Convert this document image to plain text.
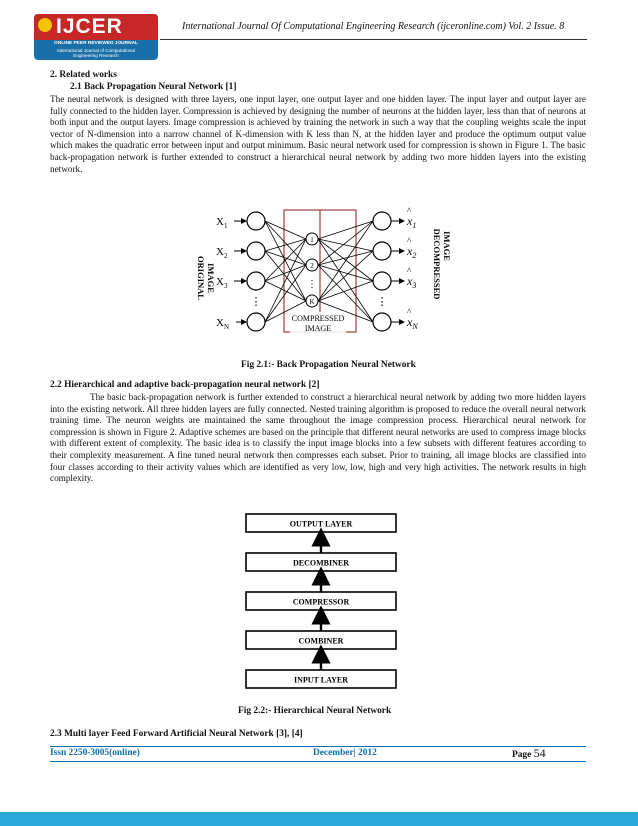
IJCER
ONLINE PEER REVIEWED JOURNAL
International Journal of Computational
Engineering Research
International Journal Of Computational Engineering Research (ijceronline.com) Vol. 2 Issue. 8
2. Related works
2.1 Back Propagation Neural Network [1]
The neural network is designed with three layers, one input layer, one output layer and one hidden layer. The input layer and output layer are fully connected to the hidden layer. Compression is achieved by designing the number of neurons at the hidden layer, less than that of neurons at both input and the output layers. Image compression is achieved by training the network in such a way that the coupling weights scale the input vector of N-dimension into a narrow channel of K-dimension with K less than N, at the hidden layer and produce the optimum output value which makes the quadratic error between input and output minimum. Basic neural network used for compression is shown in Figure 1. The basic back-propagation network is further extended to construct a hierarchical neural network by adding two more hidden layers into the existing network.
ORIGINAL IMAGE	DECOMPRESSED IMAGE
⋮
$X_1$
$X_2$
$X_3$
$X_N$
1
2
K
⋮
⋮
^
$x_1$
^
$x_2$
^
$x_3$
^
$x_N$
COMPRESSED
IMAGE
Fig 2.1:- Back Propagation Neural Network
2.2 Hierarchical and adaptive back-propagation neural network [2]
The basic back-propagation network is further extended to construct a hierarchical neural network by adding two more hidden layers into the existing network. All three hidden layers are fully connected. Nested training algorithm is proposed to reduce the overall neural network training time. The neuron weights are maintained the same throughout the image compression process. Hierarchical neural network for compression is shown in Figure 2. Adaptive schemes are based on the principle that different neural networks are used to compress image blocks with different extent of complexity. The basic idea is to classify the input image blocks into a few subsets with different features according to their complexity measurement. A fine tuned neural network then compresses each subset. Prior to training, all image blocks are classified into four classes according to their activity values which are identified as very low, low, high and very high activities. The network results in high complexity.
OUTPUT LAYER
DECOMBINER
COMPRESSOR
COMBINER
INPUT LAYER
Fig 2.2:- Hierarchical Neural Network
2.3 Multi layer Feed Forward Artificial Neural Network [3], [4]
Issn 2250-3005(online)	December| 2012	Page 54
